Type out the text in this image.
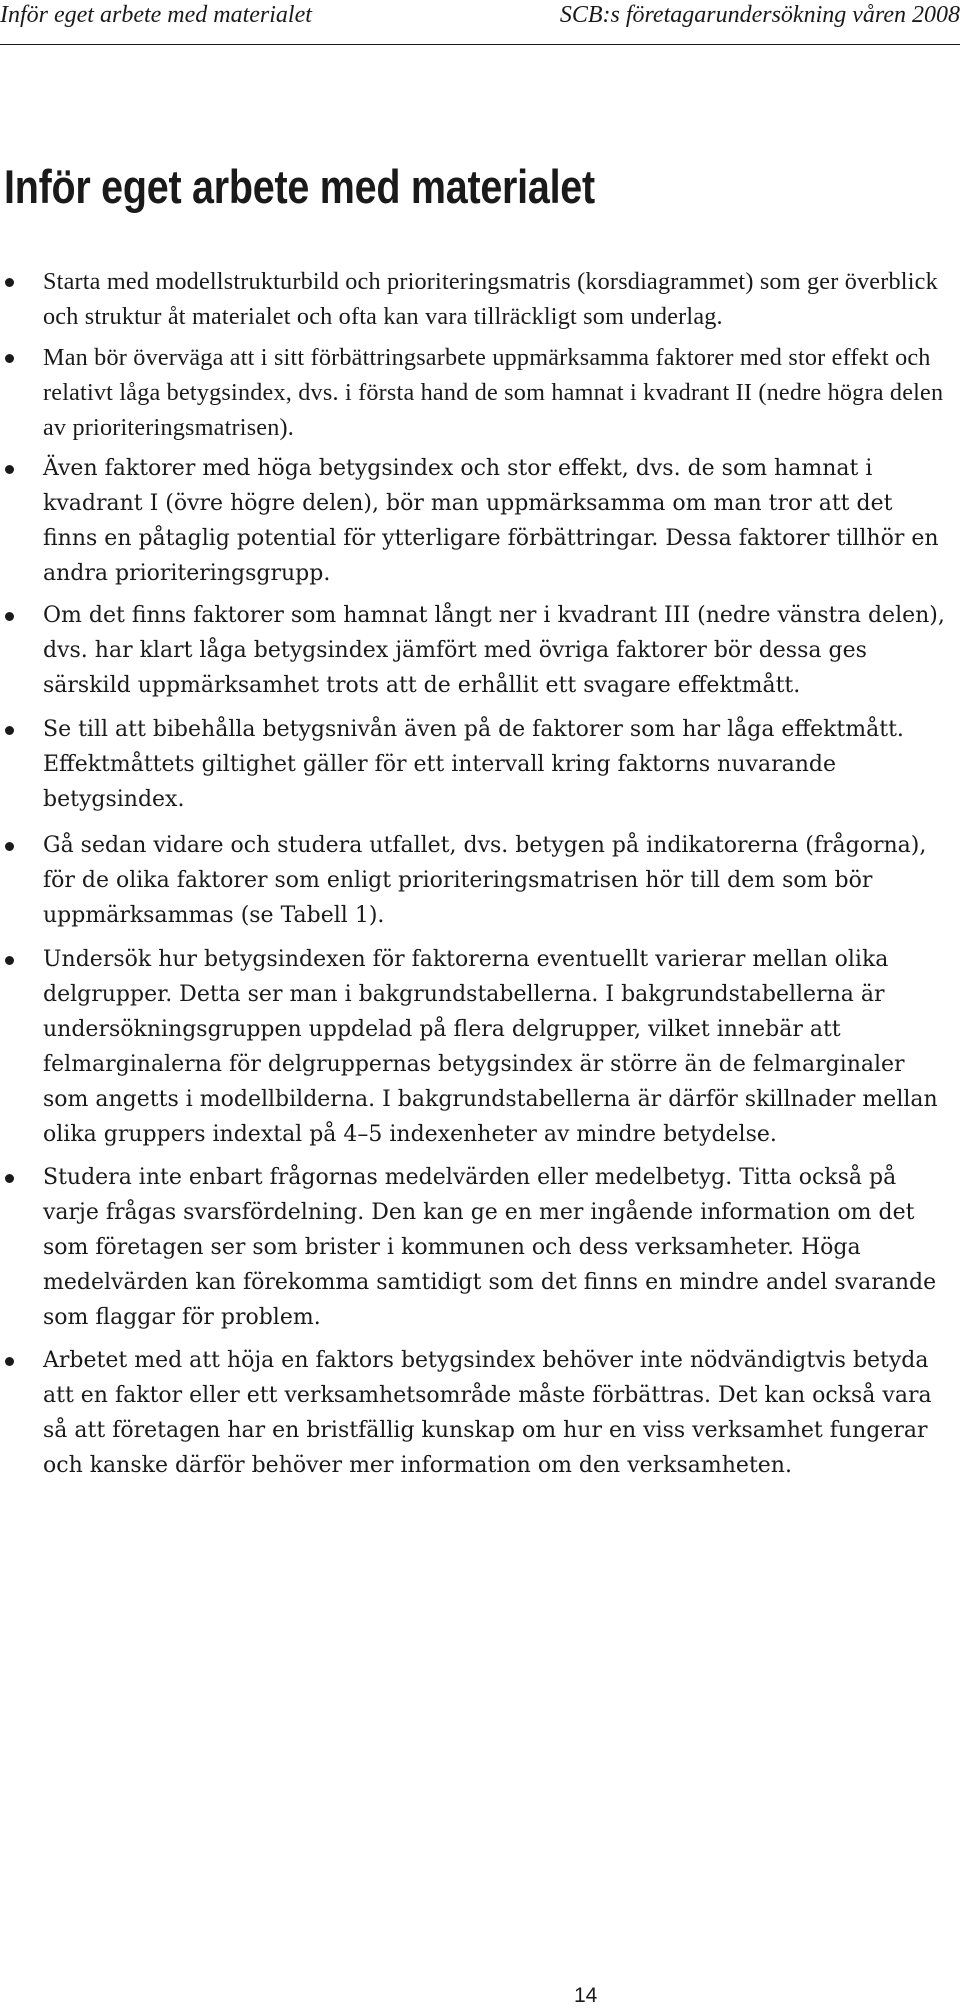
Inför eget arbete med materialet	SCB:s företagarundersökning våren 2008
Inför eget arbete med materialet
Starta med modellstrukturbild och prioriteringsmatris (korsdiagrammet) som ger överblick och struktur åt materialet och ofta kan vara tillräckligt som underlag.
Man bör överväga att i sitt förbättringsarbete uppmärksamma faktorer med stor effekt och relativt låga betygsindex, dvs. i första hand de som hamnat i kvadrant II (nedre högra delen av prioriteringsmatrisen).
Även faktorer med höga betygsindex och stor effekt, dvs. de som hamnat i kvadrant I (övre högre delen), bör man uppmärksamma om man tror att det finns en påtaglig potential för ytterligare förbättringar. Dessa faktorer tillhör en andra prioriteringsgrupp.
Om det finns faktorer som hamnat långt ner i kvadrant III (nedre vänstra delen), dvs. har klart låga betygsindex jämfört med övriga faktorer bör dessa ges särskild uppmärksamhet trots att de erhållit ett svagare effektmått.
Se till att bibehålla betygsnivån även på de faktorer som har låga effektmått. Effektmåttets giltighet gäller för ett intervall kring faktorns nuvarande betygsindex.
Gå sedan vidare och studera utfallet, dvs. betygen på indikatorerna (frågorna), för de olika faktorer som enligt prioriteringsmatrisen hör till dem som bör uppmärksammas (se Tabell 1).
Undersök hur betygsindexen för faktorerna eventuellt varierar mellan olika delgrupper. Detta ser man i bakgrundstabellerna. I bakgrundstabellerna är undersökningsgruppen uppdelad på flera delgrupper, vilket innebär att felmarginalerna för delgruppernas betygsindex är större än de felmarginaler som angetts i modellbilderna. I bakgrundstabellerna är därför skillnader mellan olika gruppers indextal på 4–5 indexenheter av mindre betydelse.
Studera inte enbart frågornas medelvärden eller medelbetyg. Titta också på varje frågas svarsfördelning. Den kan ge en mer ingående information om det som företagen ser som brister i kommunen och dess verksamheter. Höga medelvärden kan förekomma samtidigt som det finns en mindre andel svarande som flaggar för problem.
Arbetet med att höja en faktors betygsindex behöver inte nödvändigtvis betyda att en faktor eller ett verksamhetsområde måste förbättras. Det kan också vara så att företagen har en bristfällig kunskap om hur en viss verksamhet fungerar och kanske därför behöver mer information om den verksamheten.
14
